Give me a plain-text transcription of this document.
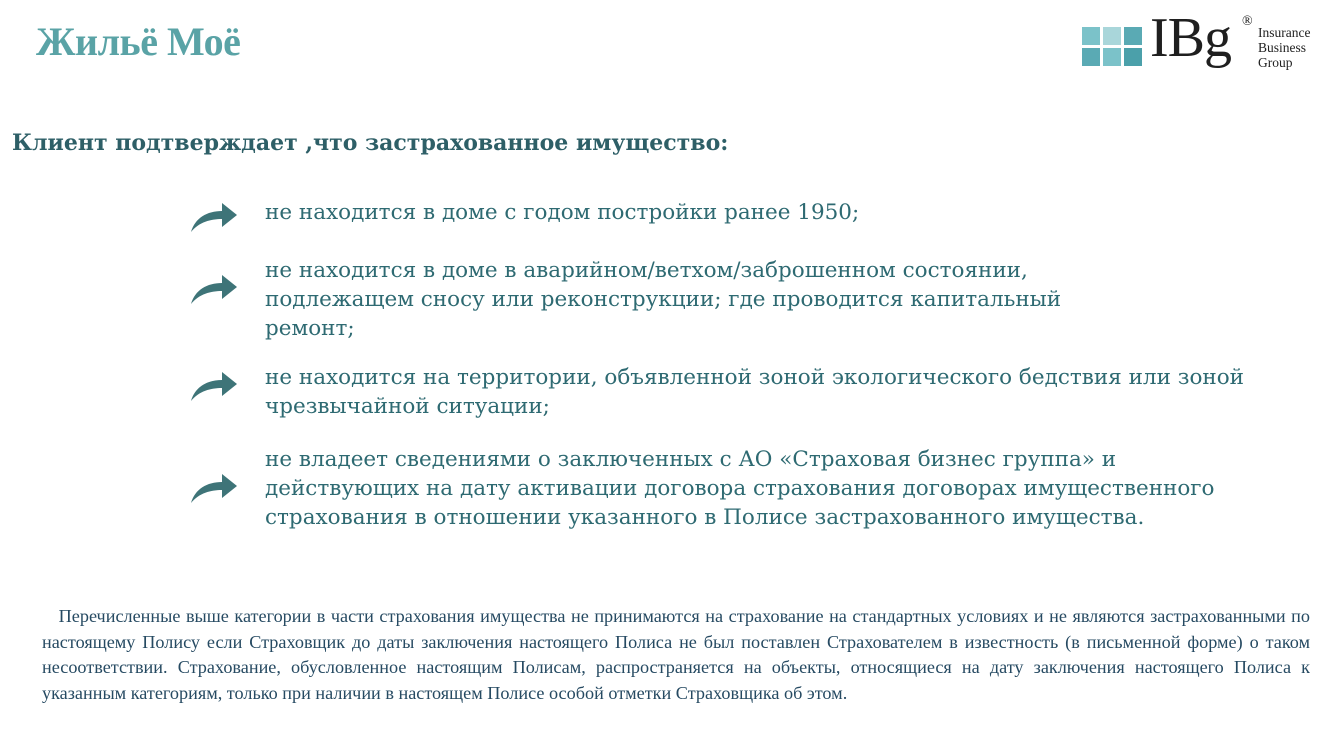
Жильё Моё	IBg ®
Insurance
Business
Group
Клиент подтверждает ,что застрахованное имущество:
не находится в доме с годом постройки ранее 1950;
не находится в доме в аварийном/ветхом/заброшенном состоянии,
подлежащем сносу или реконструкции; где проводится капитальный
ремонт;
не находится на территории, объявленной зоной экологического бедствия или зоной
чрезвычайной ситуации;
не владеет сведениями о заключенных с АО «Страховая бизнес группа» и
действующих на дату активации договора страхования договорах имущественного
страхования в отношении указанного в Полисе застрахованного имущества.
Перечисленные выше категории в части страхования имущества не принимаются на страхование на стандартных условиях и не являются застрахованными по настоящему Полису если Страховщик до даты заключения настоящего Полиса не был поставлен Страхователем в известность (в письменной форме) о таком несоответствии. Страхование, обусловленное настоящим Полисам, распространяется на объекты, относящиеся на дату заключения настоящего Полиса к указанным категориям, только при наличии в настоящем Полисе особой отметки Страховщика об этом.
